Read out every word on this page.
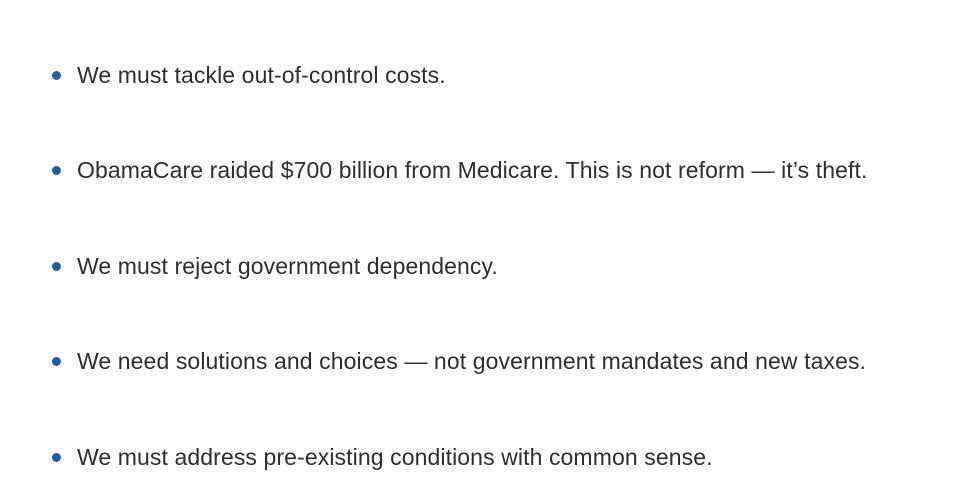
We must tackle out-of-control costs.
ObamaCare raided $700 billion from Medicare. This is not reform — it’s theft.
We must reject government dependency.
We need solutions and choices — not government mandates and new taxes.
We must address pre-existing conditions with common sense.
